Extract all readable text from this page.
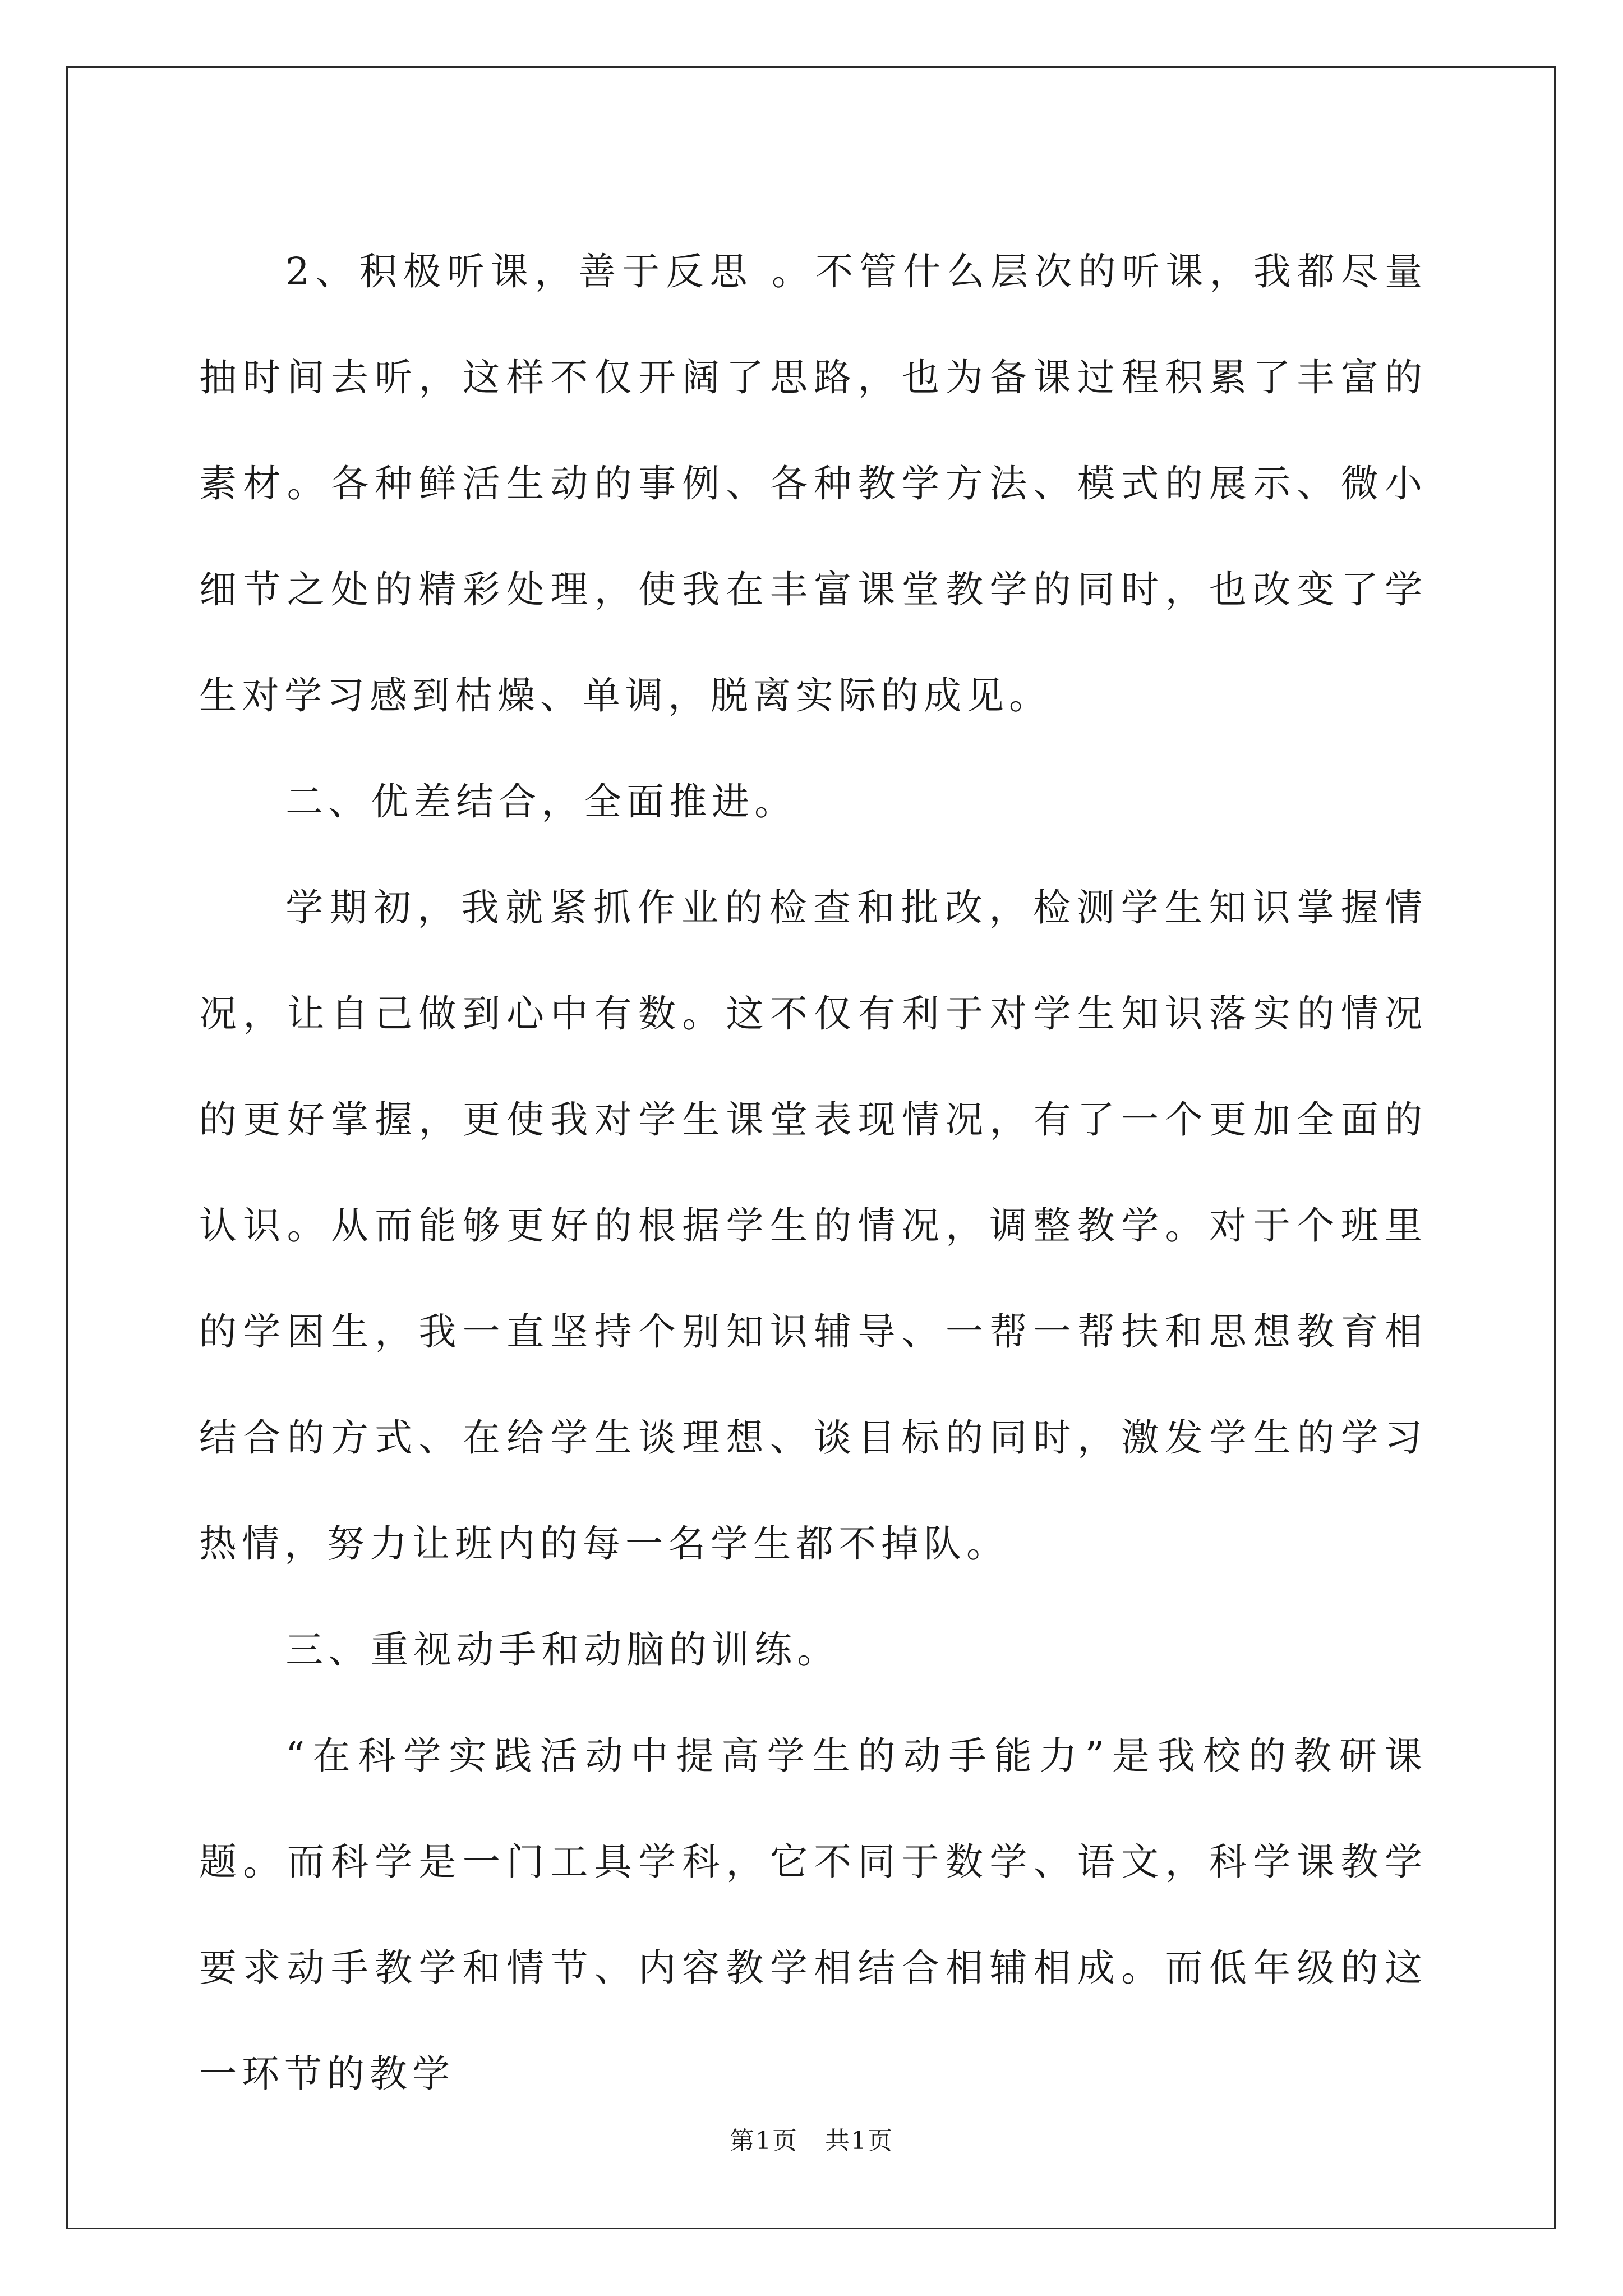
2、积极听课，善于反思 。不管什么层次的听课，我都尽量抽时间去听，这样不仅开阔了思路，也为备课过程积累了丰富的素材。各种鲜活生动的事例、各种教学方法、模式的展示、微小细节之处的精彩处理，使我在丰富课堂教学的同时，也改变了学生对学习感到枯燥、单调，脱离实际的成见。

二、优差结合，全面推进。

学期初，我就紧抓作业的检查和批改，检测学生知识掌握情况，让自己做到心中有数。这不仅有利于对学生知识落实的情况的更好掌握，更使我对学生课堂表现情况，有了一个更加全面的认识。从而能够更好的根据学生的情况，调整教学。对于个班里的学困生，我一直坚持个别知识辅导、一帮一帮扶和思想教育相结合的方式、在给学生谈理想、谈目标的同时，激发学生的学习热情，努力让班内的每一名学生都不掉队。

三、重视动手和动脑的训练。

“在科学实践活动中提高学生的动手能力”是我校的教研课题。而科学是一门工具学科，它不同于数学、语文，科学课教学要求动手教学和情节、内容教学相结合相辅相成。而低年级的这一环节的教学

第1页 共1页
